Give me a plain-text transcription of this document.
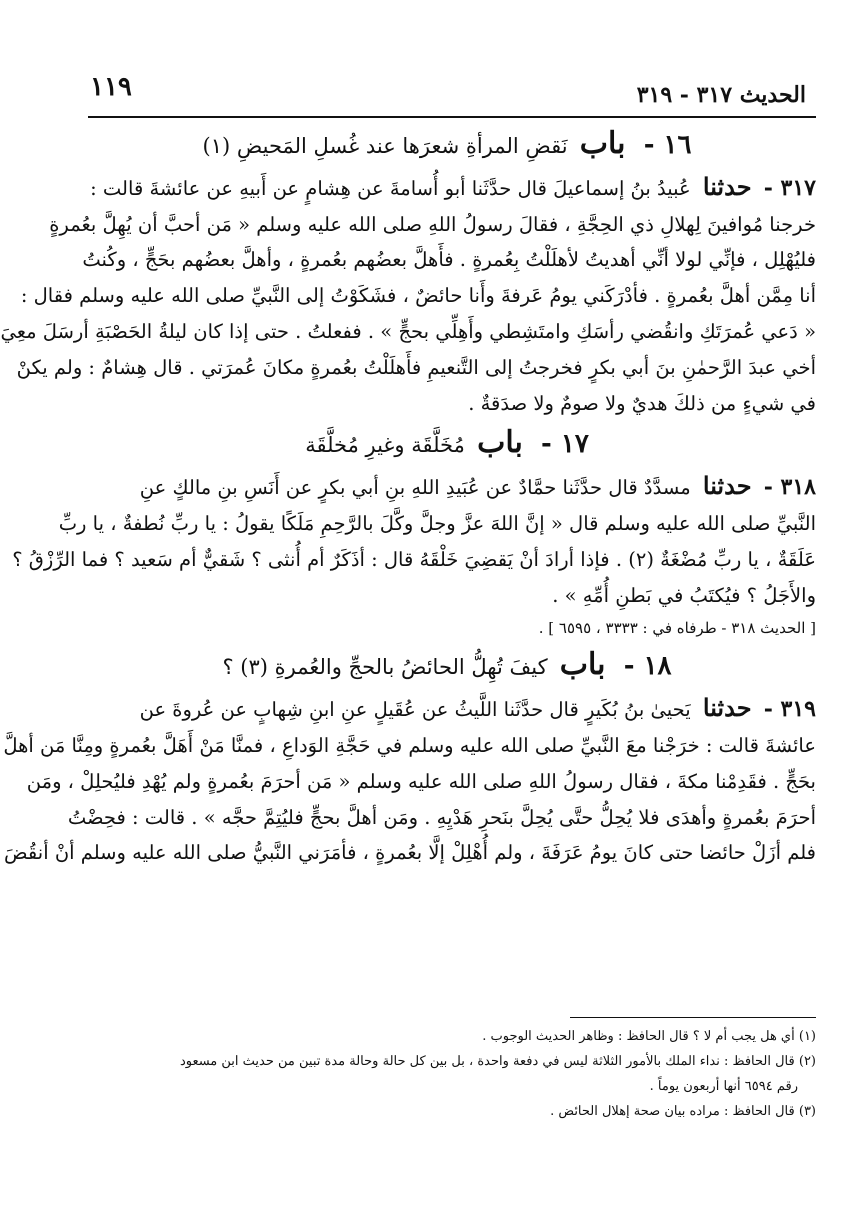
١١٩	الحديث ٣١٧ - ٣١٩
١٦ - باب نَقضِ المرأةِ شعرَها عند غُسلِ المَحيضِ (١)
٣١٧ - حدثنا عُبيدُ بنُ إسماعيلَ قال حدَّثَنا أبو أُسامةَ عن هِشامٍ عن أَبيهِ عن عائشةَ قالت :
خرجنا مُوافينَ لِهلالِ ذي الحِجَّةِ ، فقالَ رسولُ اللهِ صلى الله عليه وسلم « مَن أحبَّ أن يُهِلَّ بعُمرةٍ
فليُهْلِل ، فإنِّي لولا أنِّي أهديتُ لأهلَلْتُ بِعُمرةٍ . فأَهلَّ بعضُهم بعُمرةٍ ، وأهلَّ بعضُهم بحَجٍّ ، وكُنتُ
أنا مِمَّن أهلَّ بعُمرةٍ . فأدْرَكَني يومُ عَرفةَ وأَنا حائضٌ ، فشَكَوْتُ إلى النَّبيِّ صلى الله عليه وسلم فقال :
« دَعي عُمرَتَكِ وانقُضي رأسَكِ وامتَشِطي وأَهِلِّي بحجٍّ » . ففعلتُ . حتى إذا كان ليلةُ الحَصْبَةِ أرسَلَ معِيَ
أخي عبدَ الرَّحمٰنِ بنَ أبي بكرٍ فخرجتُ إلى التَّنعيمِ فأَهلَلْتُ بعُمرةٍ مكانَ عُمرَتي . قال هِشامٌ : ولم يكنْ
في شيءٍ من ذلكَ هديٌ ولا صومٌ ولا صدَقةٌ .
١٧ - باب مُخَلَّقَة وغيرِ مُخلَّقَة
٣١٨ - حدثنا مسدَّدٌ قال حدَّثَنا حمَّادٌ عن عُبَيدِ اللهِ بنِ أبي بكرٍ عن أَنَسِ بنِ مالكٍ عنِ
النَّبيِّ صلى الله عليه وسلم قال « إنَّ اللهَ عزَّ وجلَّ وكَّلَ بالرَّحِمِ مَلَكًا يقولُ : يا ربِّ نُطفةٌ ، يا ربِّ
عَلَقَةٌ ، يا ربِّ مُضْغَةٌ (٢) . فإذا أرادَ أنْ يَقضِيَ خَلْقَهُ قال : أذَكَرٌ أم أُنثى ؟ شَقيٌّ أم سَعيد ؟ فما الرِّزْقُ ؟
والأَجَلُ ؟ فيُكتَبُ في بَطنِ أُمِّهِ » .
[ الحديث ٣١٨ - طرفاه في : ٣٣٣٣ ، ٦٥٩٥ ] .
١٨ - باب كيفَ تُهِلُّ الحائضُ بالحجِّ والعُمرةِ (٣) ؟
٣١٩ - حدثنا يَحيىٰ بنُ بُكَيرٍ قال حدَّثَنا اللَّيثُ عن عُقَيلٍ عنِ ابنِ شِهابٍ عن عُروةَ عن
عائشةَ قالت : خرَجْنا معَ النَّبيِّ صلى الله عليه وسلم في حَجَّةِ الوَداعِ ، فمنَّا مَنْ أَهَلَّ بعُمرةٍ ومِنَّا مَن أهلَّ
بحَجٍّ . فقَدِمْنا مكةَ ، فقال رسولُ اللهِ صلى الله عليه وسلم « مَن أحرَمَ بعُمرةٍ ولم يُهْدِ فليُحلِلْ ، ومَن
أحرَمَ بعُمرةٍ وأهدَى فلا يُحِلُّ حتَّى يُحِلَّ بنَحرِ هَدْيِهِ . ومَن أهلَّ بحجٍّ فليُتِمَّ حجَّه » . قالت : فحِضْتُ
فلم أزَلْ حائضا حتى كانَ يومُ عَرَفَةَ ، ولم أُهْلِلْ إلَّا بعُمرةٍ ، فأمَرَني النَّبيُّ صلى الله عليه وسلم أنْ أنقُضَ
(١) أي هل يجب أم لا ؟ قال الحافظ : وظاهر الحديث الوجوب .
(٢) قال الحافظ : نداء الملك بالأمور الثلاثة ليس في دفعة واحدة ، بل بين كل حالة وحالة مدة تبين من حديث ابن مسعود
رقم ٦٥٩٤ أنها أربعون يوماً .
(٣) قال الحافظ : مراده بيان صحة إهلال الحائض .
